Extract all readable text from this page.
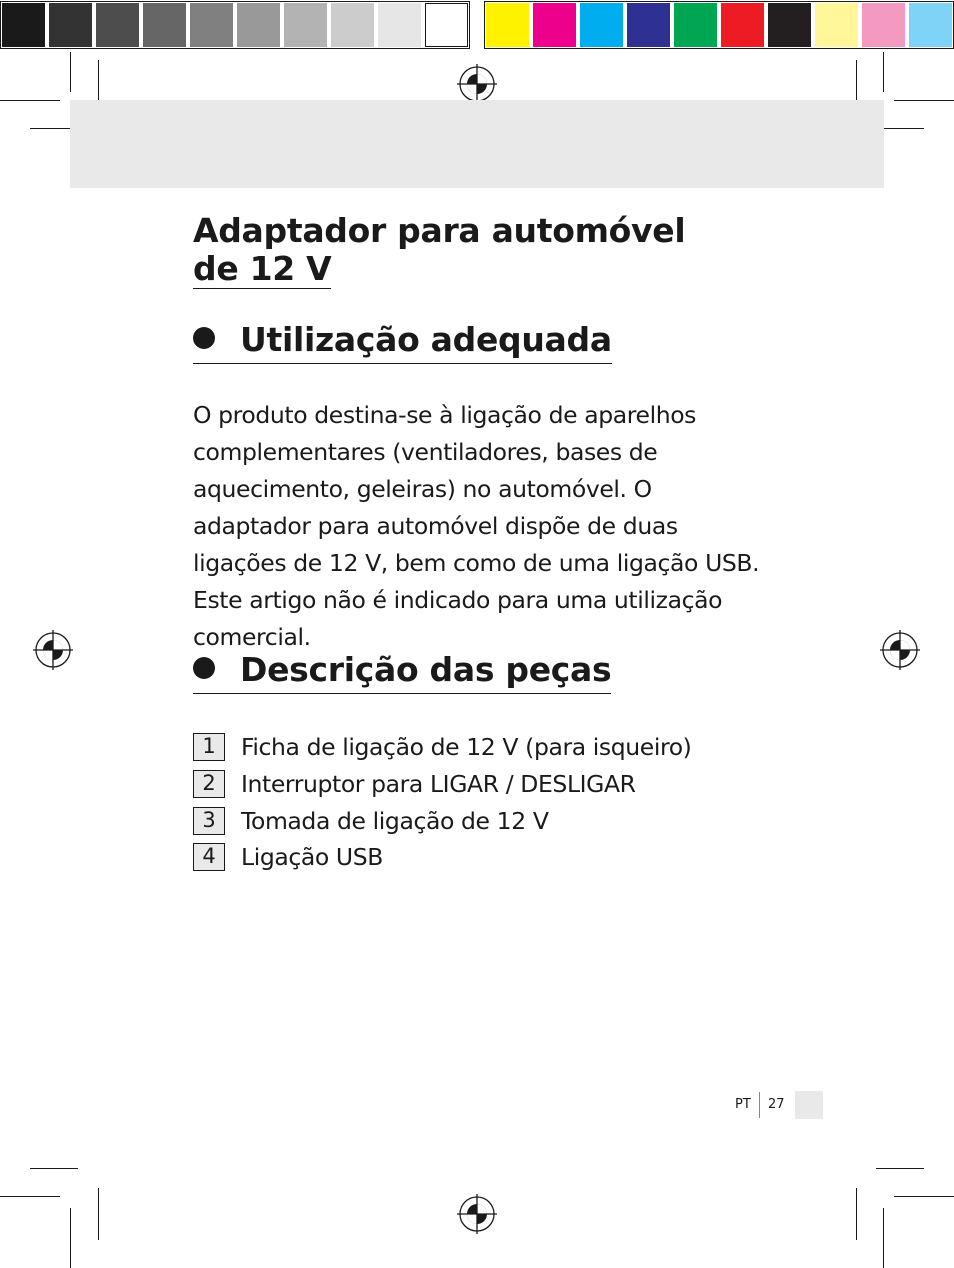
Adaptador para automóvel
de 12 V
Utilização adequada

O produto destina-se à ligação de aparelhos complementares (ventiladores, bases de aquecimento, geleiras) no automóvel. O adaptador para automóvel dispõe de duas ligações de 12 V, bem como de uma ligação USB. Este artigo não é indicado para uma utilização comercial.

Descrição das peças
1	Ficha de ligação de 12 V (para isqueiro)
2	Interruptor para LIGAR / DESLIGAR
3	Tomada de ligação de 12 V
4	Ligação USB
PT 27
